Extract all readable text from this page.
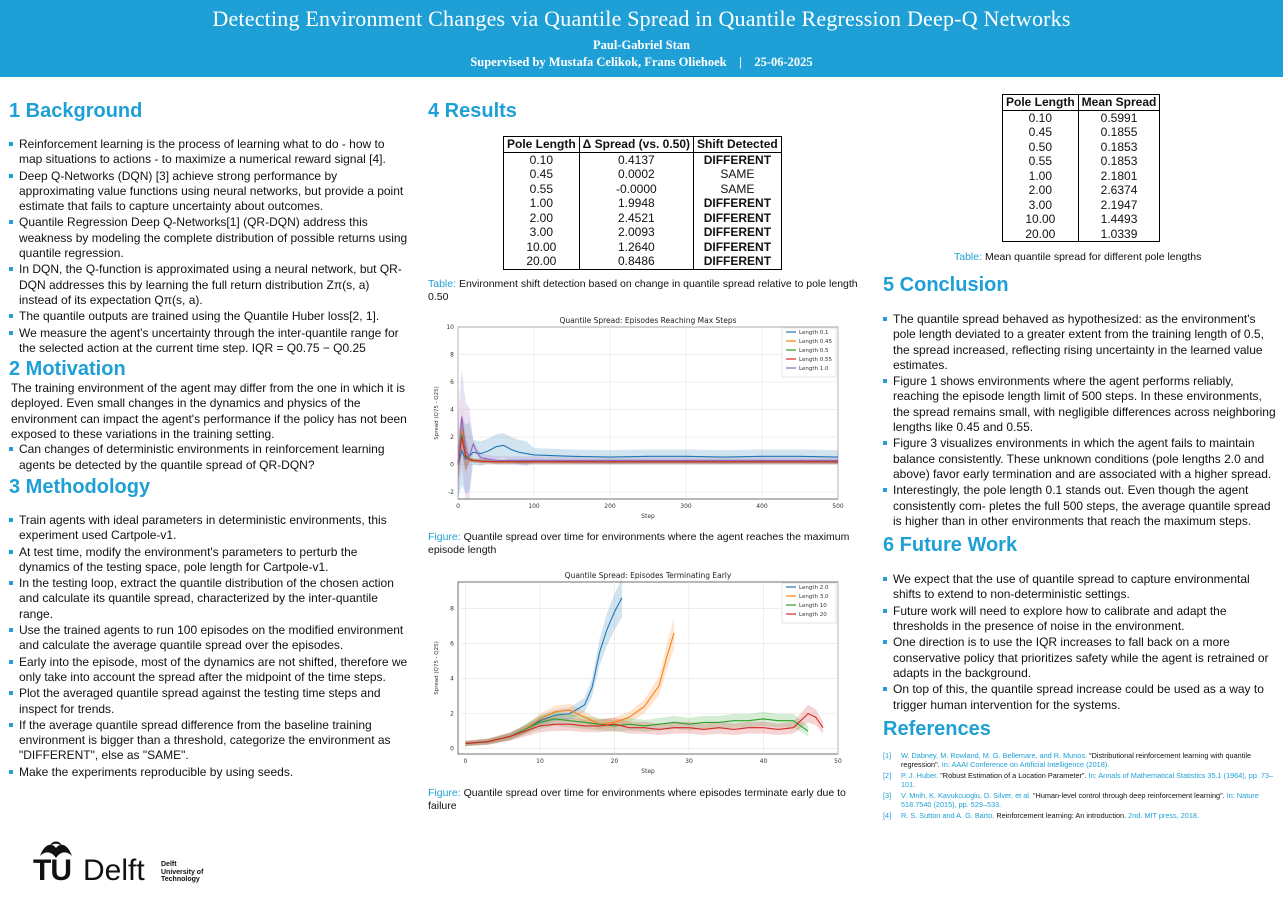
Detecting Environment Changes via Quantile Spread in Quantile Regression Deep-Q Networks
Paul-Gabriel Stan
Supervised by Mustafa Celikok, Frans Oliehoek | 25-06-2025
1 Background
Reinforcement learning is the process of learning what to do - how to map situations to actions - to maximize a numerical reward signal [4].
Deep Q-Networks (DQN) [3] achieve strong performance by approximating value functions using neural networks, but provide a point estimate that fails to capture uncertainty about outcomes.
Quantile Regression Deep Q-Networks[1] (QR-DQN) address this weakness by modeling the complete distribution of possible returns using quantile regression.
In DQN, the Q-function is approximated using a neural network, but QR-DQN addresses this by learning the full return distribution Zπ(s, a) instead of its expectation Qπ(s, a).
The quantile outputs are trained using the Quantile Huber loss[2, 1].
We measure the agent's uncertainty through the inter-quantile range for the selected action at the current time step. IQR = Q0.75 − Q0.25
2 Motivation
The training environment of the agent may differ from the one in which it is deployed. Even small changes in the dynamics and physics of the environment can impact the agent's performance if the policy has not been exposed to these variations in the training setting.
Can changes of deterministic environments in reinforcement learning agents be detected by the quantile spread of QR-DQN?
3 Methodology
Train agents with ideal parameters in deterministic environments, this experiment used Cartpole-v1.
At test time, modify the environment's parameters to perturb the dynamics of the testing space, pole length for Cartpole-v1.
In the testing loop, extract the quantile distribution of the chosen action and calculate its quantile spread, characterized by the inter-quantile range.
Use the trained agents to run 100 episodes on the modified environment and calculate the average quantile spread over the episodes.
Early into the episode, most of the dynamics are not shifted, therefore we only take into account the spread after the midpoint of the time steps.
Plot the averaged quantile spread against the testing time steps and inspect for trends.
If the average quantile spread difference from the baseline training environment is bigger than a threshold, categorize the environment as "DIFFERENT", else as "SAME".
Make the experiments reproducible by using seeds.
TU Delft Delft
University of
Technology
4 Results
Pole Length	Δ Spread (vs. 0.50)	Shift Detected
0.10	0.4137	DIFFERENT
0.45	0.0002	SAME
0.55	-0.0000	SAME
1.00	1.9948	DIFFERENT
2.00	2.4521	DIFFERENT
3.00	2.0093	DIFFERENT
10.00	1.2640	DIFFERENT
20.00	0.8486	DIFFERENT
Table: Environment shift detection based on change in quantile spread relative to pole length 0.50
Quantile Spread: Episodes Reaching Max Steps
0	100	200	300	400	500
-2
0
2
4
6
8
10
Step
Spread (Q75 - Q25)
Length 0.1
Length 0.45
Length 0.5
Length 0.55
Length 1.0
Figure: Quantile spread over time for environments where the agent reaches the maximum episode length
Quantile Spread: Episodes Terminating Early
0	10	20	30	40	50
0
2
4
6
8
Step
Spread (Q75 - Q25)
Length 2.0
Length 3.0
Length 10
Length 20
Figure: Quantile spread over time for environments where episodes terminate early due to failure
Pole Length	Mean Spread
0.10	0.5991
0.45	0.1855
0.50	0.1853
0.55	0.1853
1.00	2.1801
2.00	2.6374
3.00	2.1947
10.00	1.4493
20.00	1.0339
Table: Mean quantile spread for different pole lengths
5 Conclusion
The quantile spread behaved as hypothesized: as the environment's pole length deviated to a greater extent from the training length of 0.5, the spread increased, reflecting rising uncertainty in the learned value estimates.
Figure 1 shows environments where the agent performs reliably, reaching the episode length limit of 500 steps. In these environments, the spread remains small, with negligible differences across neighboring lengths like 0.45 and 0.55.
Figure 3 visualizes environments in which the agent fails to maintain balance consistently. These unknown conditions (pole lengths 2.0 and above) favor early termination and are associated with a higher spread.
Interestingly, the pole length 0.1 stands out. Even though the agent consistently com- pletes the full 500 steps, the average quantile spread is higher than in other environments that reach the maximum steps.
6 Future Work
We expect that the use of quantile spread to capture environmental shifts to extend to non-deterministic settings.
Future work will need to explore how to calibrate and adapt the thresholds in the presence of noise in the environment.
One direction is to use the IQR increases to fall back on a more conservative policy that prioritizes safety while the agent is retrained or adapts in the background.
On top of this, the quantile spread increase could be used as a way to trigger human intervention for the systems.
References
[1] W. Dabney, M. Rowland, M. G. Bellemare, and R. Munos. "Distributional reinforcement learning with quantile regression". In: AAAI Conference on Artificial Intelligence (2018).
[2] P. J. Huber. "Robust Estimation of a Location Parameter". In: Annals of Mathematical Statistics 35.1 (1964), pp. 73–101.
[3] V. Mnih, K. Kavukcuoglu, D. Silver, et al. "Human-level control through deep reinforcement learning". In: Nature 518.7540 (2015), pp. 529–533.
[4] R. S. Sutton and A. G. Barto. Reinforcement learning: An introduction. 2nd. MIT press, 2018.
